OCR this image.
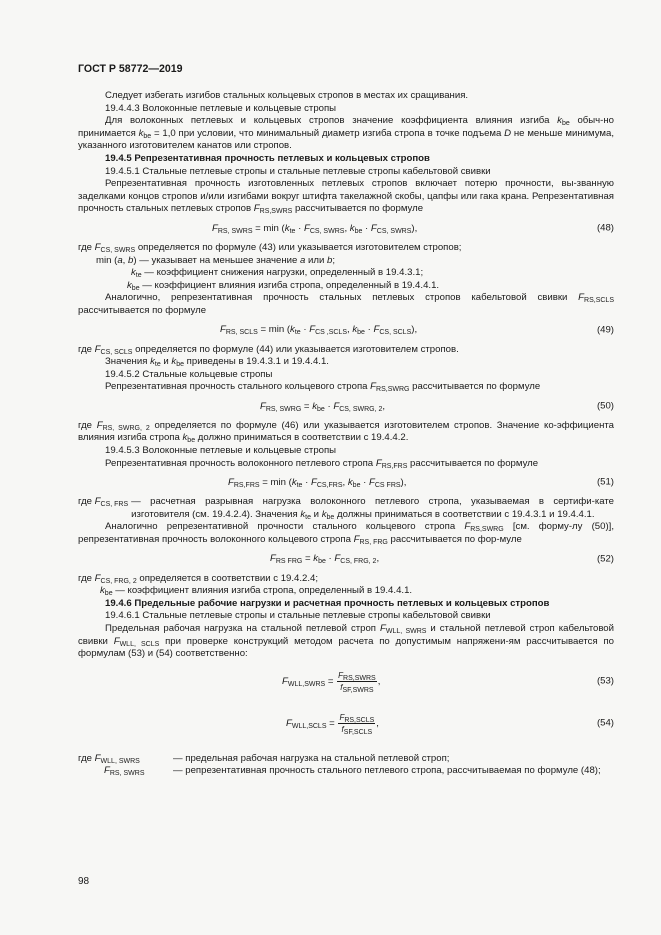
ГОСТ Р 58772—2019

Следует избегать изгибов стальных кольцевых стропов в местах их сращивания.

19.4.4.3 Волоконные петлевые и кольцевые стропы

Для волоконных петлевых и кольцевых стропов значение коэффициента влияния изгиба $k_{be}$ обыч-но принимается $k_{be} = 1,0$ при условии, что минимальный диаметр изгиба стропа в точке подъема D не меньше минимума, указанного изготовителем канатов или стропов.

19.4.5 Репрезентативная прочность петлевых и кольцевых стропов

19.4.5.1 Стальные петлевые стропы и стальные петлевые стропы кабельтовой свивки

Репрезентативная прочность изготовленных петлевых стропов включает потерю прочности, вы-званную заделками концов стропов и/или изгибами вокруг штифта такелажной скобы, цапфы или гака крана. Репрезентативная прочность стальных петлевых стропов $F_{RS,SWRS}$ рассчитывается по формуле

$F_{RS, SWRS} = \min (k_{te} \cdot F_{CS, SWRS}$, $k_{be} \cdot F_{CS, SWRS}$),	(48)

где $F_{CS, SWRS}$ определяется по формуле (43) или указывается изготовителем стропов;

min (a, b) — указывает на меньшее значение a или b;

$k_{te}$ — коэффициент снижения нагрузки, определенный в 19.4.3.1;

$k_{be}$ — коэффициент влияния изгиба стропа, определенный в 19.4.4.1.

Аналогично, репрезентативная прочность стальных петлевых стропов кабельтовой свивки $F_{RS,SCLS}$ рассчитывается по формуле

$F_{RS, SCLS} = \min (k_{te} \cdot F_{CS ,SCLS}$, $k_{be} \cdot F_{CS, SCLS}$),	(49)

где $F_{CS, SCLS}$ определяется по формуле (44) или указывается изготовителем стропов.

Значения $k_{te}$ и $k_{be}$ приведены в 19.4.3.1 и 19.4.4.1.

19.4.5.2 Стальные кольцевые стропы

Репрезентативная прочность стального кольцевого стропа $F_{RS,SWRG}$ рассчитывается по формуле

$F_{RS, SWRG} = k_{be} \cdot F_{CS, SWRG, 2}$,	(50)

где $F_{RS, SWRG, 2}$ определяется по формуле (46) или указывается изготовителем стропов. Значение ко-эффициента влияния изгиба стропа $k_{be}$ должно приниматься в соответствии с 19.4.4.2.

19.4.5.3 Волоконные петлевые и кольцевые стропы

Репрезентативная прочность волоконного петлевого стропа $F_{RS,FRS}$ рассчитывается по формуле

$F_{RS,FRS} = \min (k_{te} \cdot F_{CS,FRS}$, $k_{be} \cdot F_{CS FRS}$),	(51)
где $F_{CS, FRS}$ — расчетная разрывная нагрузка волоконного петлевого стропа, указываемая в сертифи-кате изготовителя (см. 19.4.2.4). Значения $k_{te}$ и $k_{be}$ должны приниматься в соответствии с 19.4.3.1 и 19.4.4.1.

Аналогично репрезентативной прочности стального кольцевого стропа $F_{RS,SWRG}$ [см. форму-лу (50)], репрезентативная прочность волоконного кольцевого стропа $F_{RS, FRG}$ рассчитывается по фор-муле

$F_{RS FRG} = k_{be} \cdot F_{CS, FRG, 2}$,	(52)

где $F_{CS, FRG, 2}$ определяется в соответствии с 19.4.2.4;

$k_{be}$ — коэффициент влияния изгиба стропа, определенный в 19.4.4.1.

19.4.6 Предельные рабочие нагрузки и расчетная прочность петлевых и кольцевых стропов

19.4.6.1 Стальные петлевые стропы и стальные петлевые стропы кабельтовой свивки

Предельная рабочая нагрузка на стальной петлевой строп $F_{WLL, SWRS}$ и стальной петлевой строп кабельтовой свивки $F_{WLL, SCLS}$ при проверке конструкций методом расчета по допустимым напряжени-ям рассчитывается по формулам (53) и (54) соответственно:

$F_{WLL,SWRS} = \frac{F_{RS,SWRS}}{f_{SF,SWRS}}$ ,	(53)
$F_{WLL,SCLS} = \frac{F_{RS,SCLS}}{f_{SF,SCLS}}$ ,	(54)
где $F_{WLL, SWRS}$	— предельная рабочая нагрузка на стальной петлевой строп;
$F_{RS, SWRS}$	— репрезентативная прочность стального петлевого стропа, рассчитываемая по формуле (48);
98
